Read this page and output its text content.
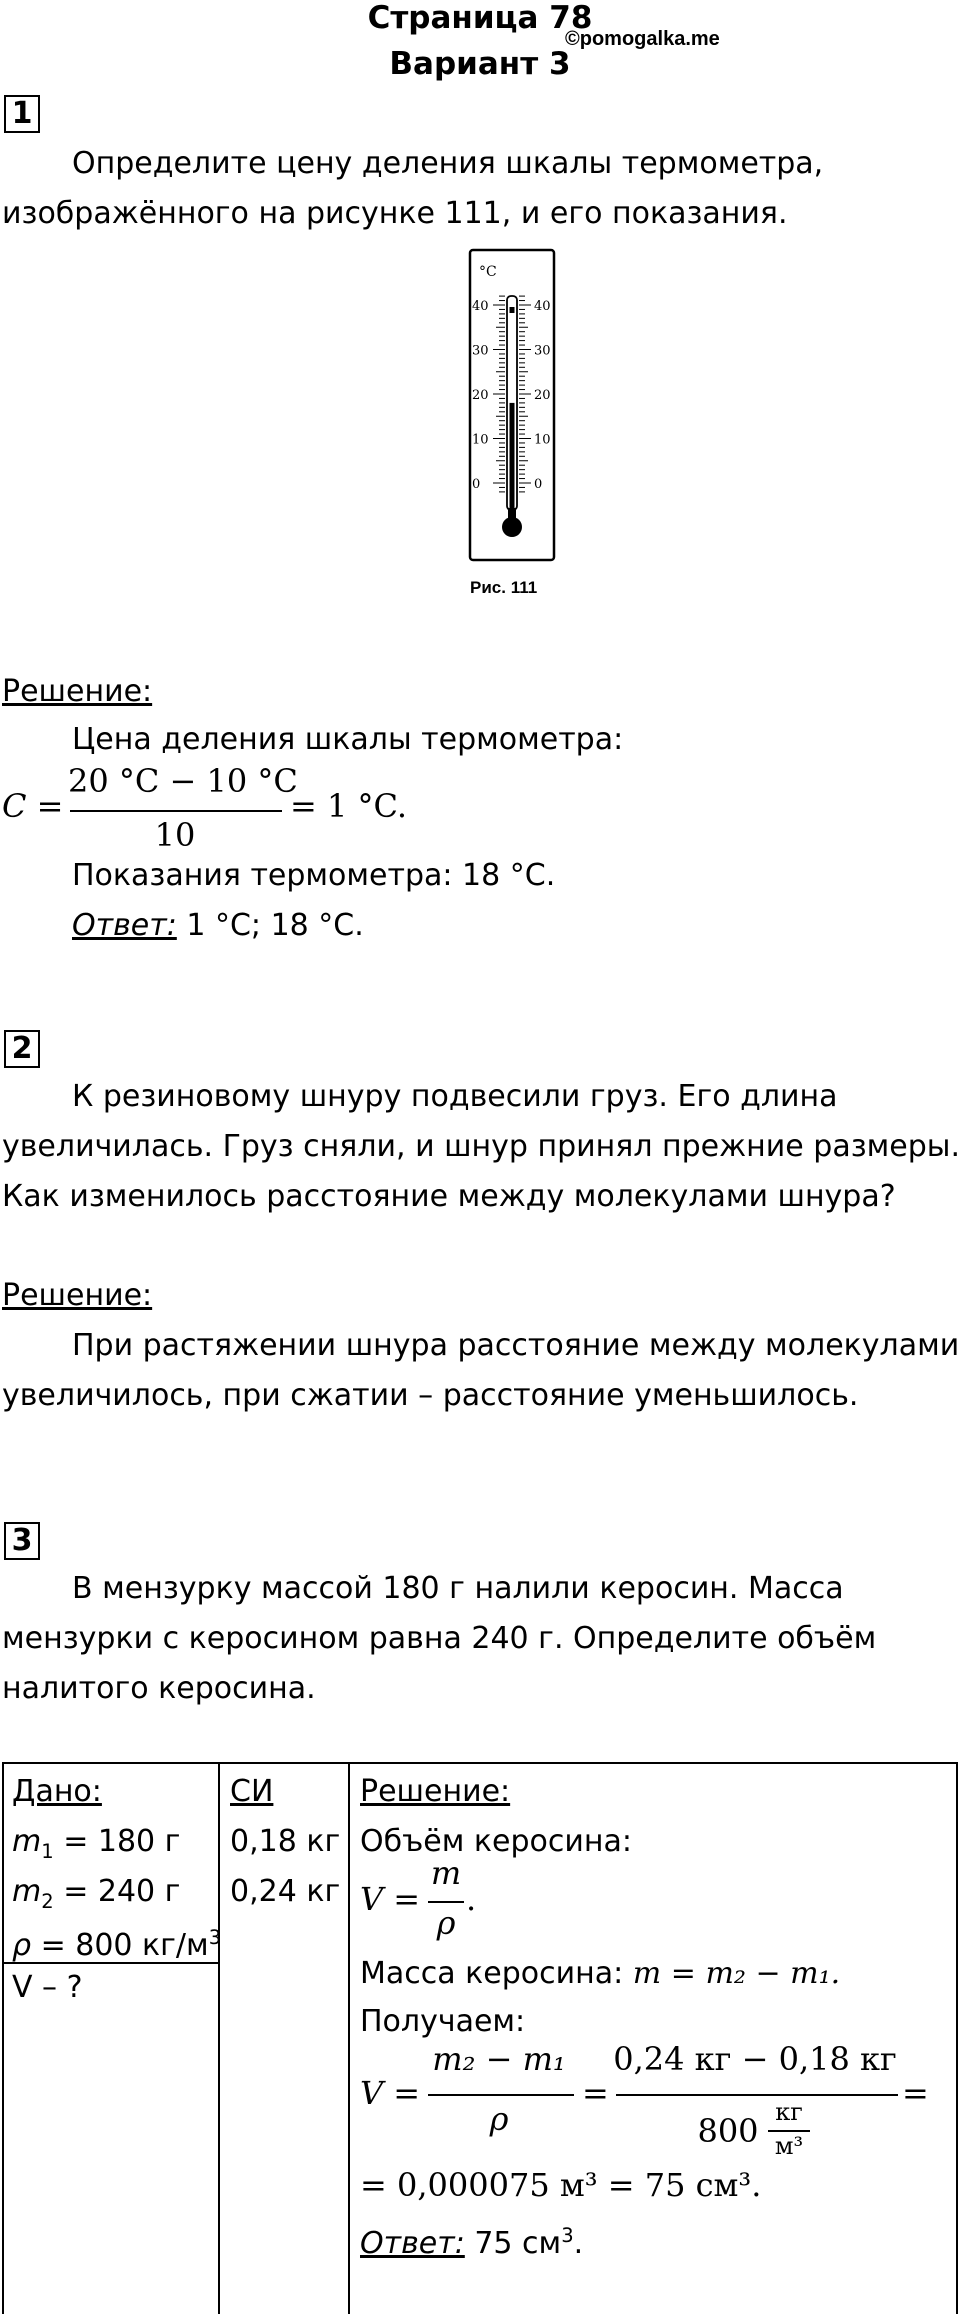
Страница 78
©pomogalka.me
Вариант 3
1
Определите цену деления шкалы термометра,
изображённого на рисунке 111, и его показания.
°C
40
30
20
10
0
40
30
20
10
0
Рис. 111
Решение:
Цена деления шкалы термометра:
C =
20 °C − 10 °C
10
= 1 °C.
Показания термометра: 18 °C.
Ответ: 1 °C; 18 °C.
2
К резиновому шнуру подвесили груз. Его длина
увеличилась. Груз сняли, и шнур принял прежние размеры.
Как изменилось расстояние между молекулами шнура?
Решение:
При растяжении шнура расстояние между молекулами
увеличилось, при сжатии – расстояние уменьшилось.
3
В мензурку массой 180 г налили керосин. Масса
мензурки с керосином равна 240 г. Определите объём
налитого керосина.
Дано:
$m_1 = 180$ г
$m_2 = 240$ г
ρ = 800 $кг/м^3$
V – ?
СИ
0,18 кг
0,24 кг
Решение:
Объём керосина:
V =
m
ρ
.
Масса керосина: m = m₂ − m₁.
Получаем:
V =
m₂ − m₁
ρ
=
0,24 кг − 0,18 кг
800 кг
м³
=
= 0,000075 м³ = 75 см³.
Ответ: 75 $см^3$.
